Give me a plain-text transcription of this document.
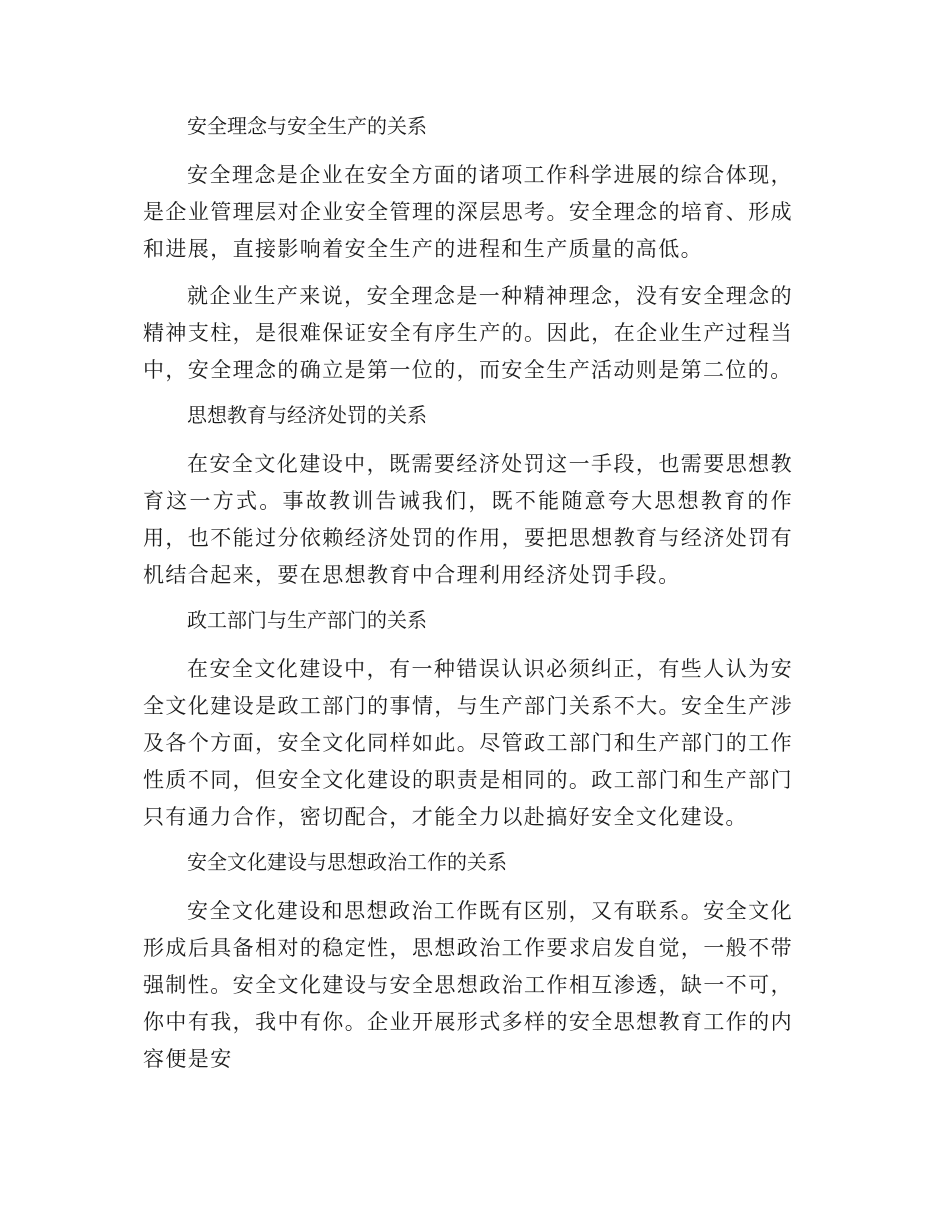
安全理念与安全生产的关系

安全理念是企业在安全方面的诸项工作科学进展的综合体现，是企业管理层对企业安全管理的深层思考。安全理念的培育、形成和进展，直接影响着安全生产的进程和生产质量的高低。

就企业生产来说，安全理念是一种精神理念，没有安全理念的精神支柱，是很难保证安全有序生产的。因此，在企业生产过程当中，安全理念的确立是第一位的，而安全生产活动则是第二位的。

思想教育与经济处罚的关系

在安全文化建设中，既需要经济处罚这一手段，也需要思想教育这一方式。事故教训告诫我们，既不能随意夸大思想教育的作用，也不能过分依赖经济处罚的作用，要把思想教育与经济处罚有机结合起来，要在思想教育中合理利用经济处罚手段。

政工部门与生产部门的关系

在安全文化建设中，有一种错误认识必须纠正，有些人认为安全文化建设是政工部门的事情，与生产部门关系不大。安全生产涉及各个方面，安全文化同样如此。尽管政工部门和生产部门的工作性质不同，但安全文化建设的职责是相同的。政工部门和生产部门只有通力合作，密切配合，才能全力以赴搞好安全文化建设。

安全文化建设与思想政治工作的关系

安全文化建设和思想政治工作既有区别，又有联系。安全文化形成后具备相对的稳定性，思想政治工作要求启发自觉，一般不带强制性。安全文化建设与安全思想政治工作相互渗透，缺一不可，你中有我，我中有你。企业开展形式多样的安全思想教育工作的内容便是安
